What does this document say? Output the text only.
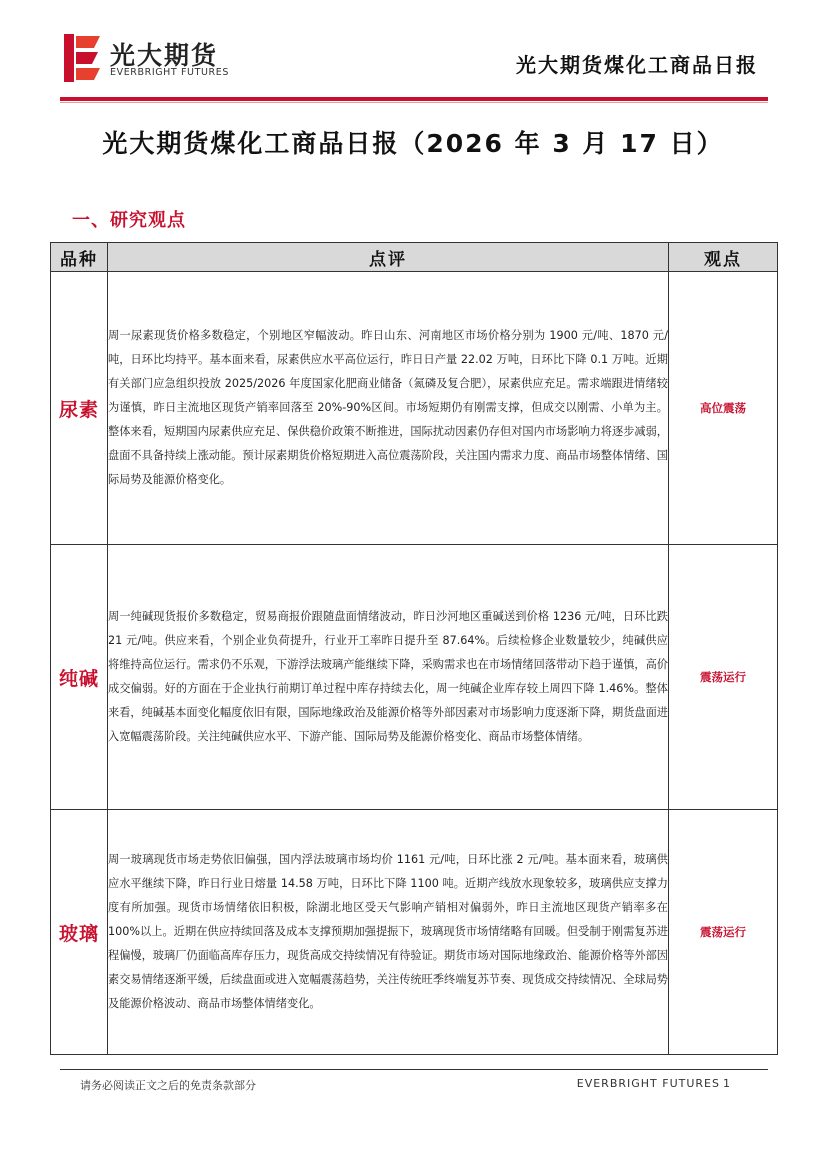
光大期货
EVERBRIGHT FUTURES	光大期货煤化工商品日报
光大期货煤化工商品日报（2026 年 3 月 17 日）
一、研究观点
品种	点评	观点
尿素	周一尿素现货价格多数稳定，个别地区窄幅波动。昨日山东、河南地区市场价格分别为 1900 元/吨、1870 元/吨，日环比均持平。基本面来看，尿素供应水平高位运行，昨日日产量 22.02 万吨，日环比下降 0.1 万吨。近期有关部门应急组织投放 2025/2026 年度国家化肥商业储备（氮磷及复合肥），尿素供应充足。需求端跟进情绪较为谨慎，昨日主流地区现货产销率回落至 20%-90%区间。市场短期仍有刚需支撑，但成交以刚需、小单为主。整体来看，短期国内尿素供应充足、保供稳价政策不断推进，国际扰动因素仍存但对国内市场影响力将逐步减弱，盘面不具备持续上涨动能。预计尿素期货价格短期进入高位震荡阶段，关注国内需求力度、商品市场整体情绪、国际局势及能源价格变化。	高位震荡
纯碱	周一纯碱现货报价多数稳定，贸易商报价跟随盘面情绪波动，昨日沙河地区重碱送到价格 1236 元/吨，日环比跌 21 元/吨。供应来看，个别企业负荷提升，行业开工率昨日提升至 87.64%。后续检修企业数量较少，纯碱供应将维持高位运行。需求仍不乐观，下游浮法玻璃产能继续下降，采购需求也在市场情绪回落带动下趋于谨慎，高价成交偏弱。好的方面在于企业执行前期订单过程中库存持续去化，周一纯碱企业库存较上周四下降 1.46%。整体来看，纯碱基本面变化幅度依旧有限，国际地缘政治及能源价格等外部因素对市场影响力度逐渐下降，期货盘面进入宽幅震荡阶段。关注纯碱供应水平、下游产能、国际局势及能源价格变化、商品市场整体情绪。	震荡运行
玻璃	周一玻璃现货市场走势依旧偏强，国内浮法玻璃市场均价 1161 元/吨，日环比涨 2 元/吨。基本面来看，玻璃供应水平继续下降，昨日行业日熔量 14.58 万吨，日环比下降 1100 吨。近期产线放水现象较多，玻璃供应支撑力度有所加强。现货市场情绪依旧积极，除湖北地区受天气影响产销相对偏弱外，昨日主流地区现货产销率多在 100%以上。近期在供应持续回落及成本支撑预期加强提振下，玻璃现货市场情绪略有回暖。但受制于刚需复苏进程偏慢，玻璃厂仍面临高库存压力，现货高成交持续情况有待验证。期货市场对国际地缘政治、能源价格等外部因素交易情绪逐渐平缓，后续盘面或进入宽幅震荡趋势，关注传统旺季终端复苏节奏、现货成交持续情况、全球局势及能源价格波动、商品市场整体情绪变化。	震荡运行
请务必阅读正文之后的免责条款部分	EVERBRIGHT FUTURES 1
